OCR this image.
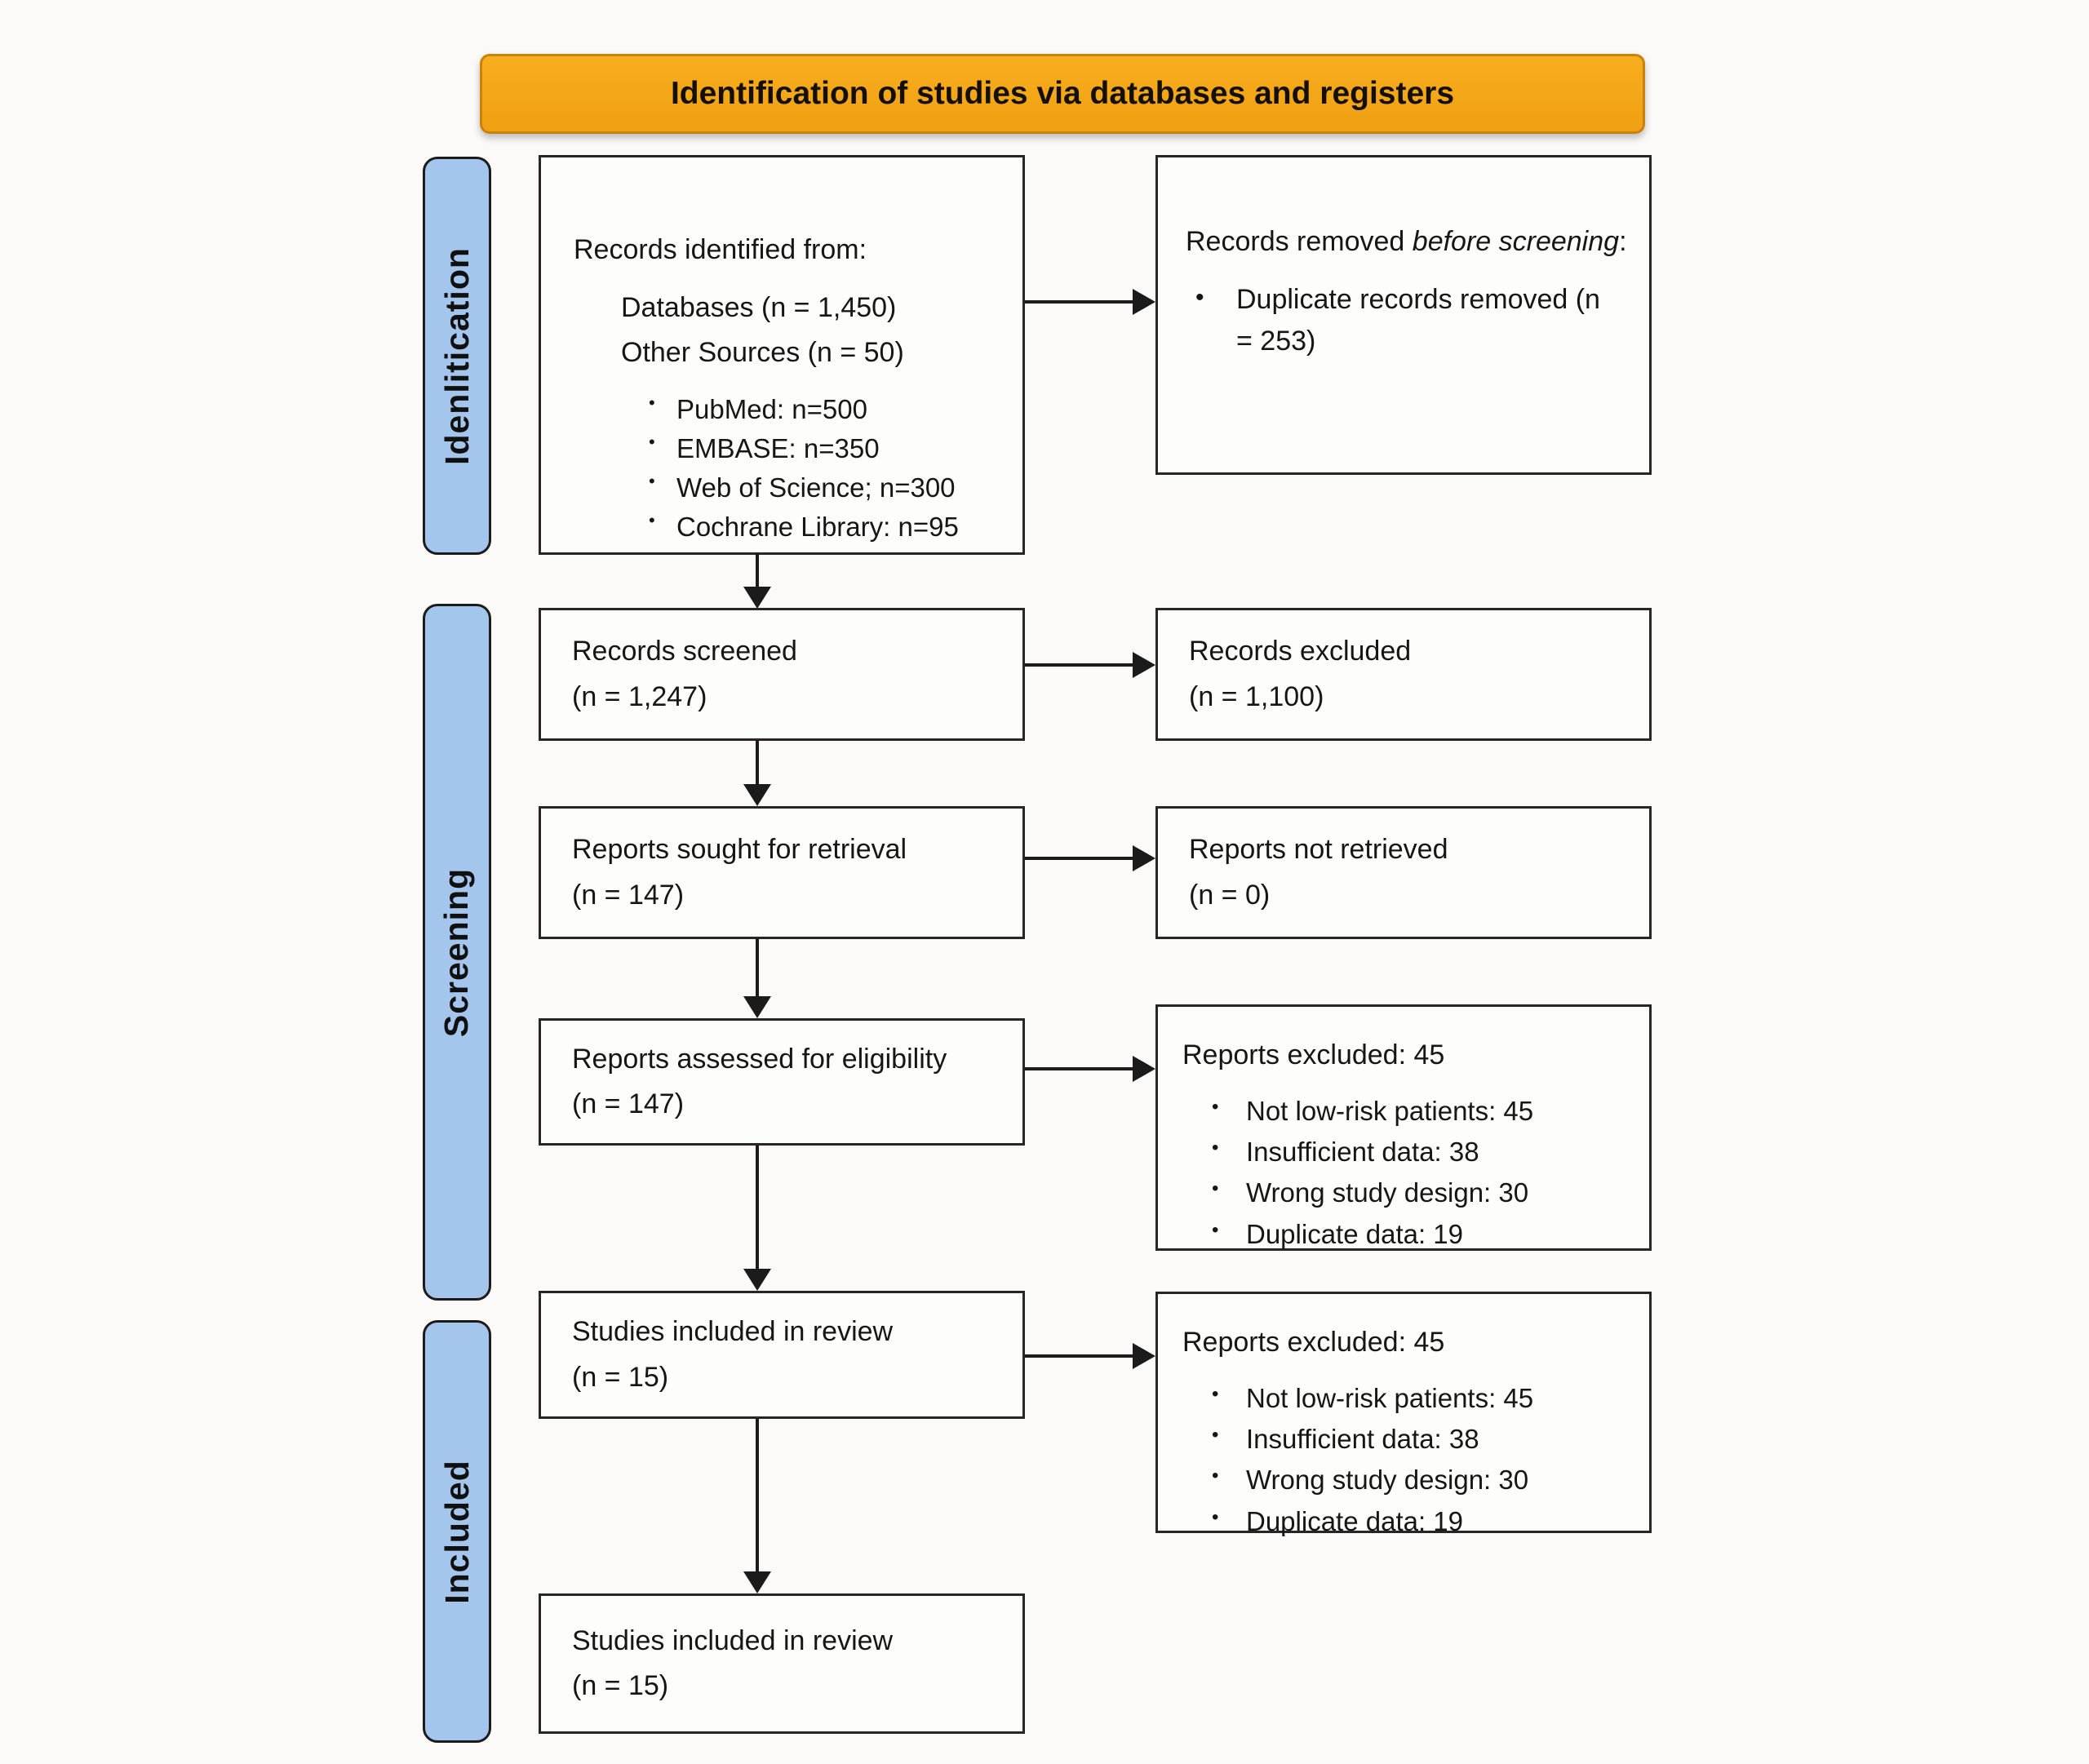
Identification of studies via databases and registers
Idenlitication
Screening
Included

Records identified from:

Databases (n = 1,450)

Other Sources (n = 50)

• PubMed: n=500
• EMBASE: n=350
• Web of Science; n=300
• Cochrane Library: n=95

Records removed before screening:

•	Duplicate records removed (n = 253)
Records screened
(n = 1,247)
Records excluded
(n = 1,100)
Reports sought for retrieval
(n = 147)
Reports not retrieved
(n = 0)
Reports assessed for eligibility
(n = 147)

Reports excluded: 45

•	Not low-risk patients: 45
•	Insufficient data: 38
•	Wrong study design: 30
•	Duplicate data: 19
Studies included in review
(n = 15)

Reports excluded: 45

•	Not low-risk patients: 45
•	Insufficient data: 38
•	Wrong study design: 30
•	Duplicate data: 19
Studies included in review
(n = 15)
